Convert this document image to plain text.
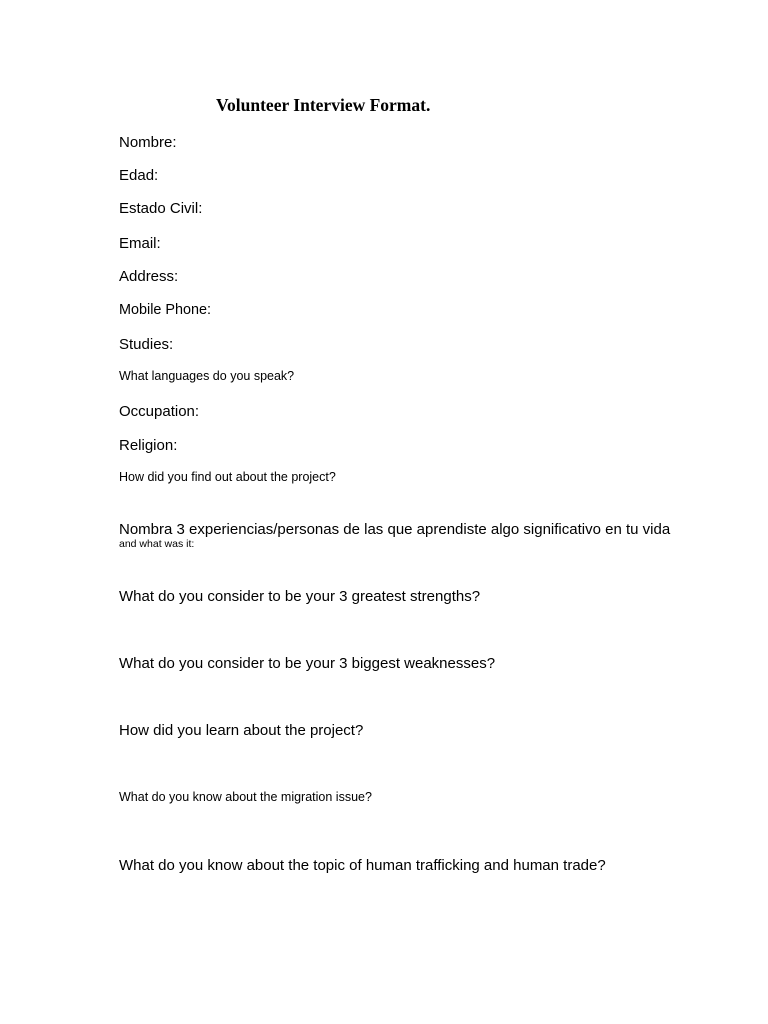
Volunteer Interview Format.
Nombre:
Edad:
Estado Civil:
Email:
Address:
Mobile Phone:
Studies:
What languages do you speak?
Occupation:
Religion:
How did you find out about the project?
Nombra 3 experiencias/personas de las que aprendiste algo significativo en tu vida
and what was it:
What do you consider to be your 3 greatest strengths?
What do you consider to be your 3 biggest weaknesses?
How did you learn about the project?
What do you know about the migration issue?
What do you know about the topic of human trafficking and human trade?
